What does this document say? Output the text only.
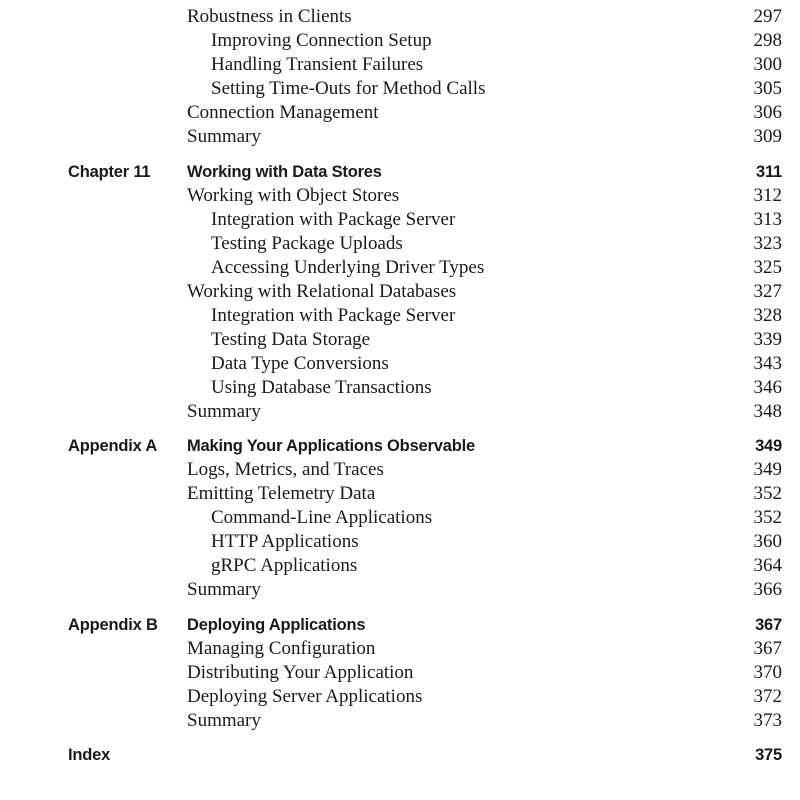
Robustness in Clients	297
Improving Connection Setup	298
Handling Transient Failures	300
Setting Time-Outs for Method Calls	305
Connection Management	306
Summary	309
Chapter 11 Working with Data Stores	311
Working with Object Stores	312
Integration with Package Server	313
Testing Package Uploads	323
Accessing Underlying Driver Types	325
Working with Relational Databases	327
Integration with Package Server	328
Testing Data Storage	339
Data Type Conversions	343
Using Database Transactions	346
Summary	348
Appendix A Making Your Applications Observable	349
Logs, Metrics, and Traces	349
Emitting Telemetry Data	352
Command-Line Applications	352
HTTP Applications	360
gRPC Applications	364
Summary	366
Appendix B Deploying Applications	367
Managing Configuration	367
Distributing Your Application	370
Deploying Server Applications	372
Summary	373
Index	375
